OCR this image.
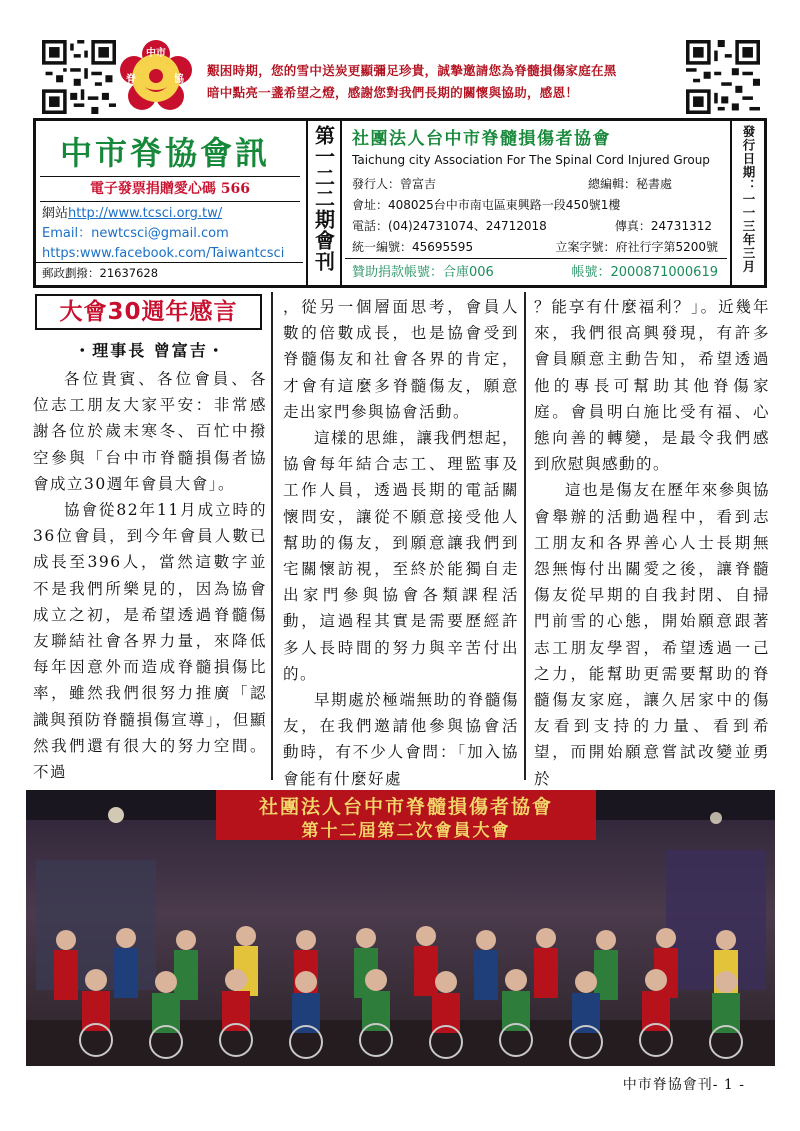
中市
脊	協
艱困時期，您的雪中送炭更顯彌足珍貴，誠摯邀請您為脊髓損傷家庭在黑
暗中點亮一盞希望之燈，感謝您對我們長期的關懷與協助，感恩！
中市脊協會訊
電子發票捐贈愛心碼 566
網站http://www.tcsci.org.tw/
Email：newtcsci@gmail.com
https:www.facebook.com/Taiwantcsci
郵政劃撥：21637628
第一二二期會刊 社團法人台中市脊髓損傷者協會
Taichung city Association For The Spinal Cord Injured Group
發行人：曾富吉	總編輯：秘書處
會址：408025台中市南屯區東興路一段450號1樓
電話：(04)24731074、24712018	傳真：24731312
統一編號：45695595	立案字號：府社行字第5200號
贊助捐款帳號：合庫006	帳號：2000871000619 發行日期：一一三年三月
大會30週年感言
・理事長 曾富吉・

各位貴賓、各位會員、各位志工朋友大家平安：非常感謝各位於歲末寒冬、百忙中撥空參與「台中市脊髓損傷者協會成立30週年會員大會」。

協會從82年11月成立時的36位會員，到今年會員人數已成長至396人，當然這數字並不是我們所樂見的，因為協會成立之初，是希望透過脊髓傷友聯結社會各界力量，來降低每年因意外而造成脊髓損傷比率，雖然我們很努力推廣「認識與預防脊髓損傷宣導」，但顯然我們還有很大的努力空間。不過

，從另一個層面思考，會員人數的倍數成長，也是協會受到脊髓傷友和社會各界的肯定，才會有這麼多脊髓傷友，願意走出家門參與協會活動。

這樣的思維，讓我們想起，協會每年結合志工、理監事及工作人員，透過長期的電話關懷問安，讓從不願意接受他人幫助的傷友，到願意讓我們到宅關懷訪視，至終於能獨自走出家門參與協會各類課程活動，這過程其實是需要歷經許多人長時間的努力與辛苦付出的。

早期處於極端無助的脊髓傷友，在我們邀請他參與協會活動時，有不少人會問：「加入協會能有什麼好處

？能享有什麼福利？」。近幾年來，我們很高興發現，有許多會員願意主動告知，希望透過他的專長可幫助其他脊傷家庭。會員明白施比受有福、心態向善的轉變，是最令我們感到欣慰與感動的。

這也是傷友在歷年來參與協會舉辦的活動過程中，看到志工朋友和各界善心人士長期無怨無悔付出關愛之後，讓脊髓傷友從早期的自我封閉、自掃門前雪的心態，開始願意跟著志工朋友學習，希望透過一己之力，能幫助更需要幫助的脊髓傷友家庭，讓久居家中的傷友看到支持的力量、看到希望，而開始願意嘗試改變並勇於

社團法人台中市脊髓損傷者協會
第十二屆第二次會員大會
中市脊協會刊- 1 -
